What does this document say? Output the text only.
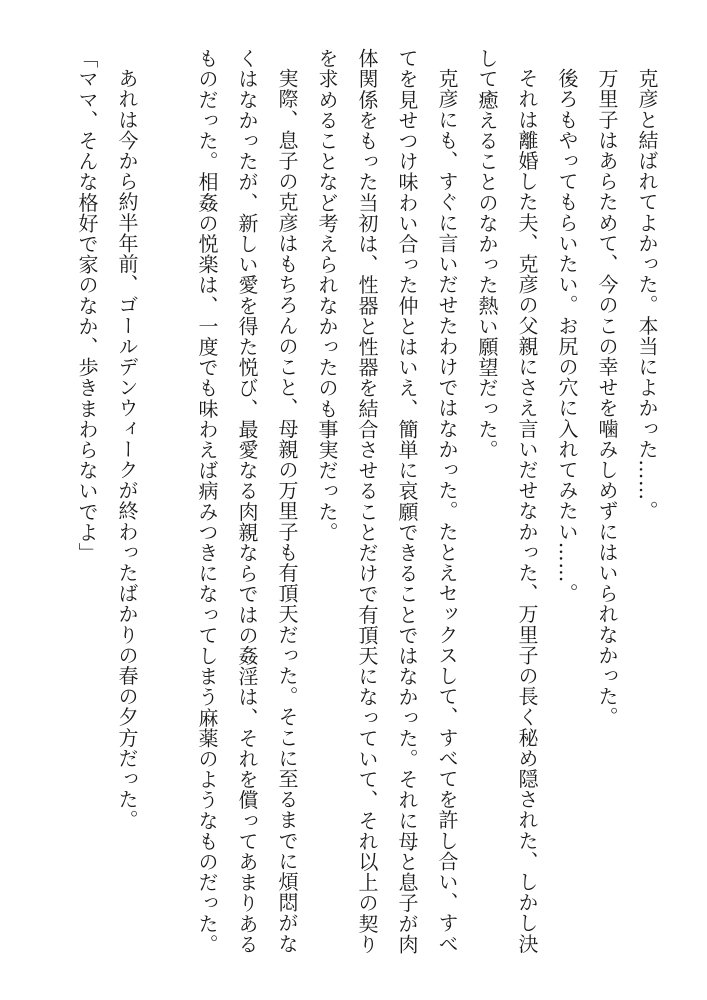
克彦と結ばれてよかった。本当によかった……。

万里子はあらためて、今のこの幸せを噛みしめずにはいられなかった。

後ろもやってもらいたい。お尻の穴に入れてみたい……。

それは離婚した夫、克彦の父親にさえ言いだせなかった、万里子の長く秘め隠された、しかし決して癒えることのなかった熱い願望だった。

克彦にも、すぐに言いだせたわけではなかった。たとえセックスして、すべてを許し合い、すべてを見せつけ味わい合った仲とはいえ、簡単に哀願できることではなかった。それに母と息子が肉体関係をもった当初は、性器と性器を結合させることだけで有頂天になっていて、それ以上の契りを求めることなど考えられなかったのも事実だった。

実際、息子の克彦はもちろんのこと、母親の万里子も有頂天だった。そこに至るまでに煩悶がなくはなかったが、新しい愛を得た悦び、最愛なる肉親ならではの姦淫は、それを償ってあまりあるものだった。相姦の悦楽は、一度でも味わえば病みつきになってしまう麻薬のようなものだった。

あれは今から約半年前、ゴールデンウィークが終わったばかりの春の夕方だった。

「ママ、そんな格好で家のなか、歩きまわらないでよ」
